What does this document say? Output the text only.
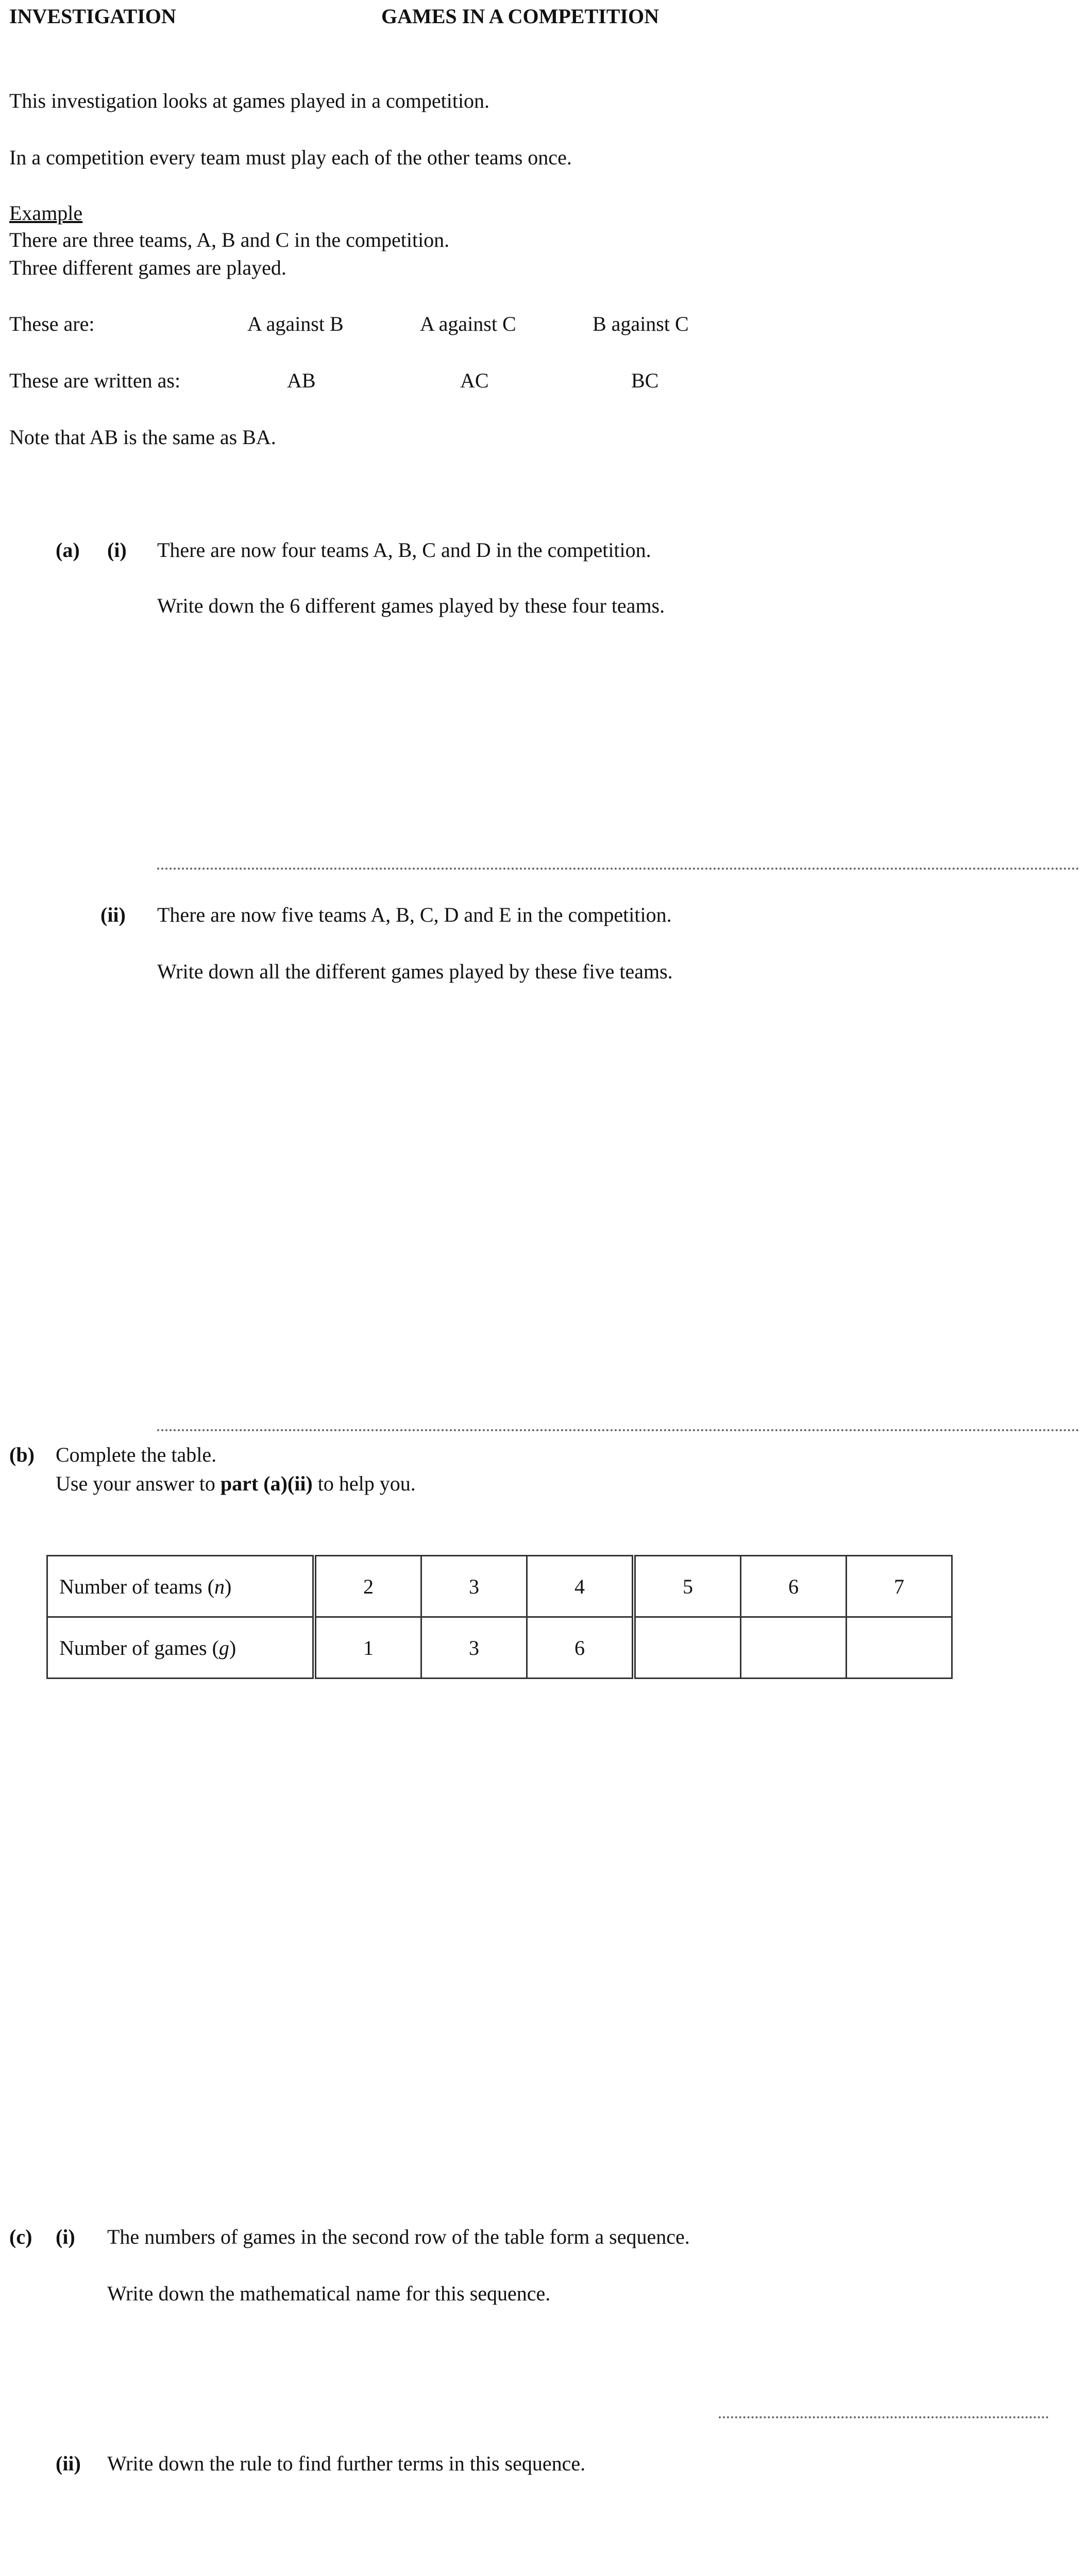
INVESTIGATION	GAMES IN A COMPETITION
This investigation looks at games played in a competition.
In a competition every team must play each of the other teams once.
Example
There are three teams, A, B and C in the competition.
Three different games are played.
These are:	A against B	A against C	B against C
These are written as:	AB	AC	BC
Note that AB is the same as BA.
(a) (i) There are now four teams A, B, C and D in the competition.
Write down the 6 different games played by these four teams.
(ii) There are now five teams A, B, C, D and E in the competition.
Write down all the different games played by these five teams.
(b) Complete the table.
Use your answer to part (a)(ii) to help you.
Number of teams (n)	2	3	4	5	6	7
Number of games (g)	1	3	6			
(c) (i) The numbers of games in the second row of the table form a sequence.
Write down the mathematical name for this sequence.
(ii) Write down the rule to find further terms in this sequence.
